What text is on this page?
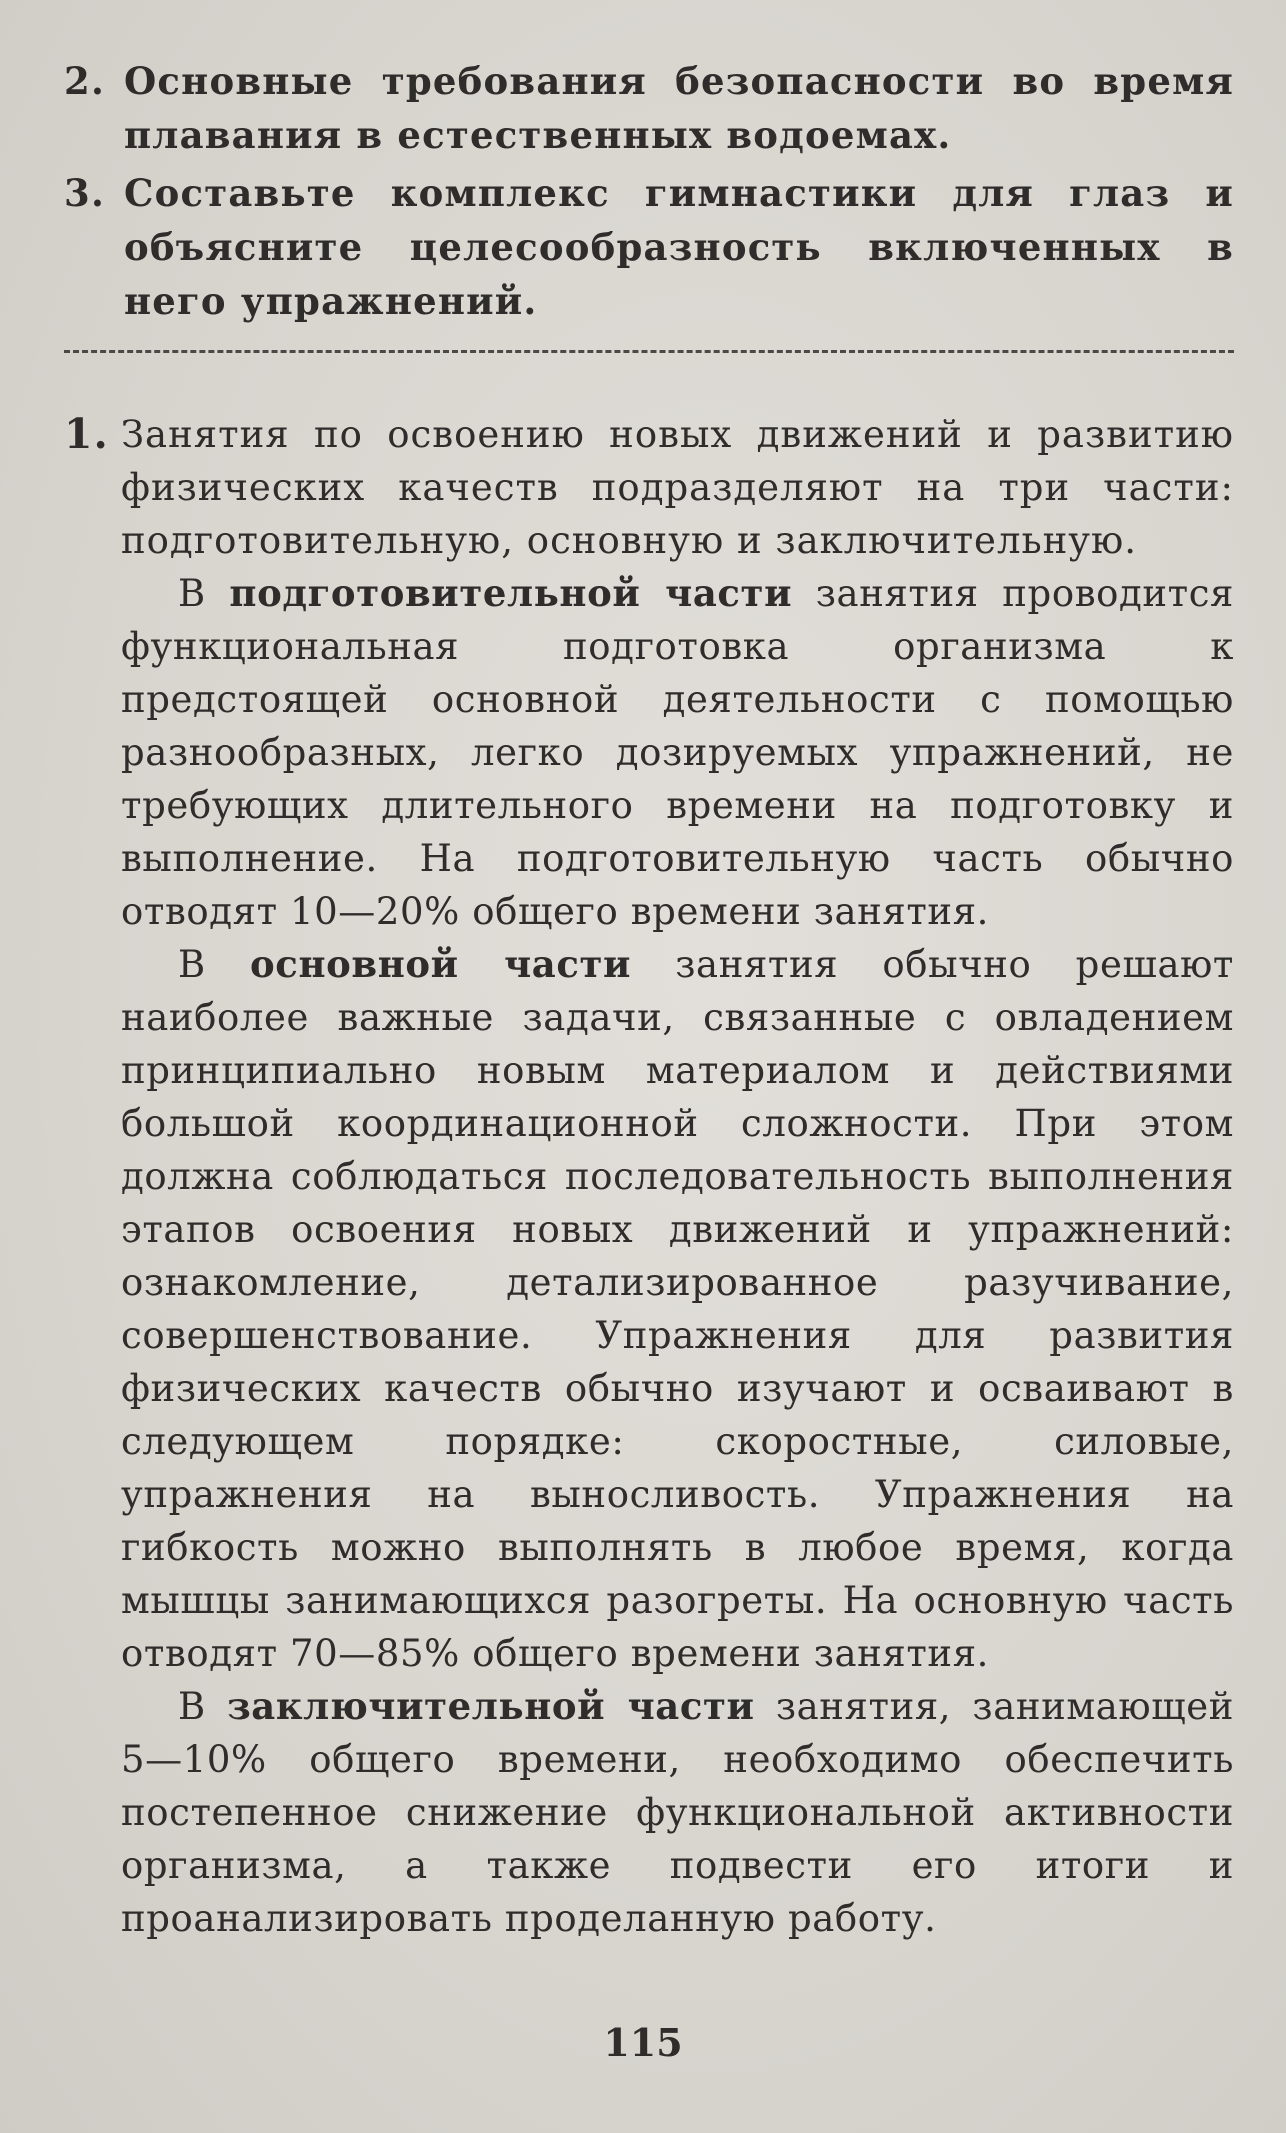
2. Основные требования безопасности во время плавания в естественных водоемах.
3. Составьте комплекс гимнастики для глаз и объясните целесообразность включенных в него упражнений.
1. Занятия по освоению новых движений и развитию физических качеств подразделяют на три части: подготовительную, основную и заключительную.

В подготовительной части занятия проводится функциональная подготовка организма к предстоящей основной деятельности с помощью разнообразных, легко дозируемых упражнений, не требующих длительного времени на подготовку и выполнение. На подготовительную часть обычно отводят 10—20% общего времени занятия.

В основной части занятия обычно решают наиболее важные задачи, связанные с овладением принципиально новым материалом и действиями большой координационной сложности. При этом должна соблюдаться последовательность выполнения этапов освоения новых движений и упражнений: ознакомление, детализированное разучивание, совершенствование. Упражнения для развития физических качеств обычно изучают и осваивают в следующем порядке: скоростные, силовые, упражнения на выносливость. Упражнения на гибкость можно выполнять в любое время, когда мышцы занимающихся разогреты. На основную часть отводят 70—85% общего времени занятия.

В заключительной части занятия, занимающей 5—10% общего времени, необходимо обеспечить постепенное снижение функциональной активности организма, а также подвести его итоги и проанализировать проделанную работу.

115
